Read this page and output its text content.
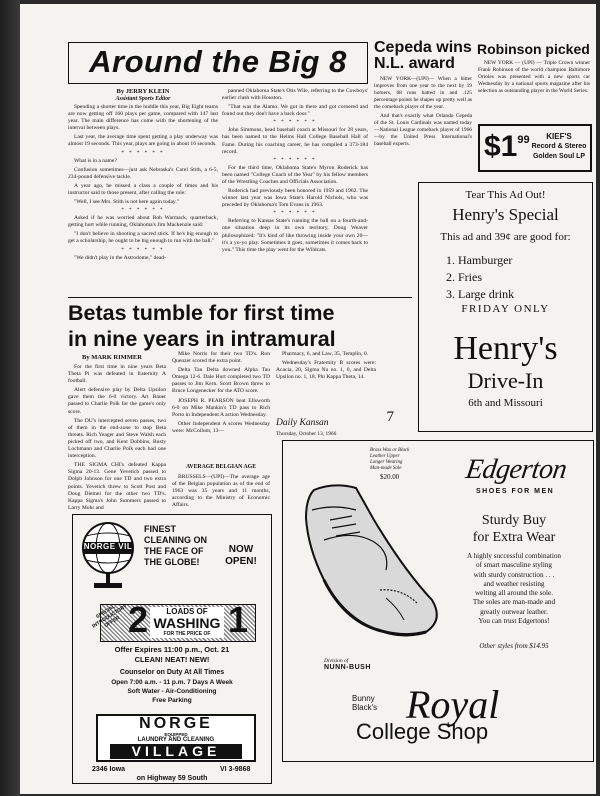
Around the Big 8
By JERRY KLEIN
Assistant Sports Editor

Spending a shorter time in the huddle this year, Big Eight teams are now getting off 160 plays per game, compared with 147 last year. The main difference has come with the shortening of the interval between plays.

Last year, the average time spent getting a play underway was almost 19 seconds. This year, plays are going in about 16 seconds.

* * * * * *

What is in a name?

Confusion sometimes—just ask Nebraska's Carel Stith, a 6-5, 234-pound defensive tackle.

A year ago, he missed a class a couple of times and his instructor said to those present, after calling the role:

"Well, I see Mrs. Stith is not here again today."

* * * * * *

Asked if he was worried about Bob Warmack, quarterback, getting hurt while running, Oklahoma's Jim Mackenzie said:

"I don't believe in shooting a sacred stick. If he's big enough to get a scholarship, he ought to be big enough to run with the ball."

* * * * * *

"We didn't play in the Astrodome," dead-

panned Oklahoma State's Otis Wile, referring to the Cowboys' earlier clash with Houston.

"That was the Alamo. We got in there and got cornered and found out they don't have a back door."

* * * * * *

John Simmons, head baseball coach at Missouri for 28 years, has been named to the Helms Hall College Baseball Hall of Fame. During his coaching career, he has compiled a 373-184 record.

* * * * * *

For the third time, Oklahoma State's Myron Roderick has been named "College Coach of the Year" by his fellow members of the Wrestling Coaches and Officials Association.

Roderick had previously been honored in 1959 and 1962. The winner last year was Iowa State's Harold Nichols, who was preceded by Oklahoma's Tom Evans in 1963.

* * * * * *

Referring to Kansas State's running the ball on a fourth-and-one situation deep in its own territory, Doug Weaver philosophized: "It's kind of like throwing inside your own 20—it's a yo-yo play. Sometimes it goes, sometimes it comes back to you." This time the play went for the Wildcats.

Cepeda wins
N.L. award

NEW YORK—(UPI)— When a hitter improves from one year to the next by 19 homers, 68 runs batted in and .125 percentage points he shapes up pretty well as the comeback player of the year.

And that's exactly what Orlando Cepeda of the St. Louis Cardinals was named today—National League comeback player of 1966—by the United Press International's baseball experts.

Robinson picked

NEW YORK — (UPI) — Triple Crown winner Frank Robinson of the world champion Baltimore Orioles was presented with a new sports car Wednesday by a national sports magazine after his selection as outstanding player in the World Series.

$\$1^{99}$	KIEF'S
Record & Stereo
Golden Soul LP
Tear This Ad Out!
Henry's Special
This ad and 39¢ are good for:
1. Hamburger
2. Fries
3. Large drink
FRIDAY ONLY
Henry's
Drive-In
6th and Missouri
Betas tumble for first time
in nine years in intramural
By MARK RIMMER

For the first time in nine years Beta Theta Pi was defeated in fraternity A football.

Alert defensive play by Delta Upsilon gave them the 6-0 victory. Art Bauer passed to Charlie Polk for the game's only score.

The DU's intercepted seven passes, two of them in the end-zone to stop Beta threats. Rich Yeager and Steve Walsh each picked off two, and Kent Dobbins, Rusty Lochmann and Charlie Polk each had one interception.

THE SIGMA CHI's defeated Kappa Sigma 20-13. Gene Yevetich passed to Dolph Johnson for one TD and two extra points. Yevetich threw to Scott Post and Doug Diemel for the other two TD's. Kappa Sigma's John Summers passed to Larry Mohr and

Mike Norris for their two TD's. Ron Quenzer scored the extra point.

Delta Tau Delta downed Alpha Tau Omega 12-6. Dale Hurt completed two TD passes to Jim Kern. Scott Brown threw to Bruce Longenecker for the ATO score.

JOSEPH R. PEARSON beat Ellsworth 6-0 on Mike Mankin's TD pass to Rich Porto in Independent A action Wednesday.

Other Independent A scores Wednesday were: McCollum, 13—

Pharmacy, 6, and Law, 35, Templin, 0.

Wednesday's Fraternity B scores were: Acacia, 20, Sigma Nu no. 1, 0, and Delta Upsilon no. 1, 18, Phi Kappa Theta, 14.

Daily Kansan	7
Thursday, October 13, 1966
AVERAGE BELGIAN AGE

BRUSSELS—(UPI)—The average age of the Belgian population as of the end of 1963 was 35 years and 11 months, according to the Ministry of Economic Affairs.

NORGE VIL
FINEST CLEANING ON THE FACE OF THE GLOBE!
NOW OPEN!
SPECIAL INTRODUCTORY OFFER 2	LOADS OF
WASHING
FOR THE PRICE OF 1
Offer Expires 11:00 p.m., Oct. 21
CLEAN! NEAT! NEW!
Counselor on Duty At All Times
Open 7:00 a.m. - 11 p.m. 7 Days A Week
Soft Water - Air-Conditioning
Free Parking
NORGE
EQUIPPED
LAUNDRY AND CLEANING
VILLAGE
2346 Iowa	VI 3-9868
on Highway 59 South
Brass Wax or Black
Leather Upper
Longer Wearing
Man-made Sole
$20.00
Division of
NUNN-BUSH
Edgerton
SHOES FOR MEN
Sturdy Buy
for Extra Wear
A highly successful combination
of smart masculine styling
with sturdy construction . . .
and weather resisting
welting all around the sole.
The soles are man-made and
greatly outwear leather.
You can trust Edgertons!
Other styles from $14.95
Bunny
Black's Royal
College Shop
